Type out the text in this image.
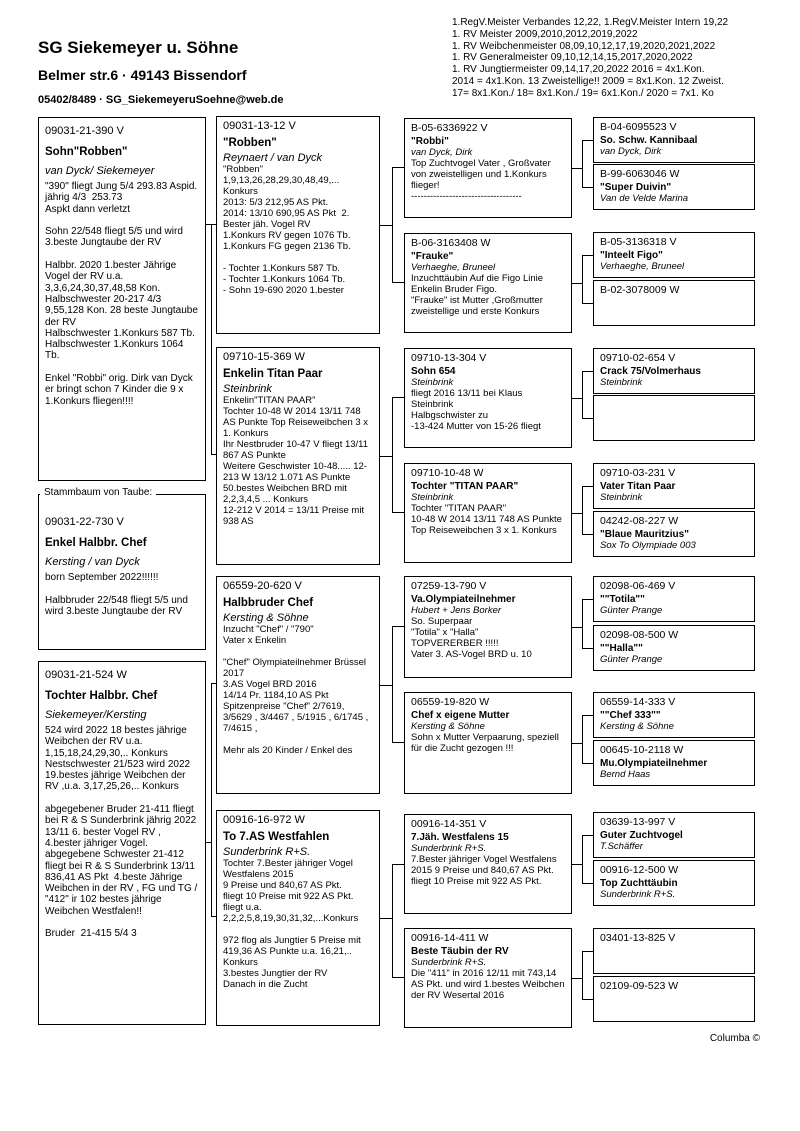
SG Siekemeyer u. Söhne
Belmer str.6 · 49143 Bissendorf
05402/8489 · SG_SiekemeyeruSoehne@web.de
1.RegV.Meister Verbandes 12,22, 1.RegV.Meister Intern 19,22
1. RV Meister 2009,2010,2012,2019,2022
1. RV Weibchenmeister 08,09,10,12,17,19,2020,2021,2022
1. RV Generalmeister 09,10,12,14,15,2017,2020,2022
1. RV Jungtiermeister 09,14,17,20,2022 2016 = 4x1.Kon.
2014 = 4x1.Kon. 13 Zweistellige!! 2009 = 8x1.Kon. 12 Zweist.
17= 8x1.Kon./ 18= 8x1.Kon./ 19= 6x1.Kon./ 2020 = 7x1. Ko
09031-21-390 V
Sohn"Robben"
van Dyck/ Siekemeyer
"390" fliegt Jung 5/4 293.83 Aspid.
jährig 4/3  253.73
Aspkt dann verletzt

Sohn 22/548 fliegt 5/5 und wird 3.beste Jungtaube der RV

Halbbr. 2020 1.bester Jährige Vogel der RV u.a. 3,3,6,24,30,37,48,58 Kon.
Halbschwester 20-217 4/3 9,55,128 Kon. 28 beste Jungtaube der RV
Halbschwester 1.Konkurs 587 Tb.
Halbschwester 1.Konkurs 1064 Tb.

Enkel "Robbi" orig. Dirk van Dyck er bringt schon 7 Kinder die 9 x 1.Konkurs fliegen!!!!
09031-22-730 V
Enkel Halbbr. Chef
Kersting / van Dyck
born September 2022!!!!!!

Halbbruder 22/548 fliegt 5/5 und wird 3.beste Jungtaube der RV
Stammbaum von Taube:
09031-21-524 W
Tochter Halbbr. Chef
Siekemeyer/Kersting
524 wird 2022 18 bestes jährige Weibchen der RV u.a. 1,15,18,24,29,30,.. Konkurs
Nestschwester 21/523 wird 2022 19.bestes jährige Weibchen der RV ,u.a. 3,17,25,26,.. Konkurs

abgegebener Bruder 21-411 fliegt bei R & S Sunderbrink jährig 2022 13/11 6. bester Vogel RV , 4.bester jähriger Vogel.
abgegebene Schwester 21-412 fliegt bei R & S Sunderbrink 13/11 836,41 AS Pkt  4.beste Jährige Weibchen in der RV , FG und TG /
"412" ir 102 bestes jährige Weibchen Westfalen!!

Bruder  21-415 5/4 3
09031-13-12 V
"Robben"
Reynaert / van Dyck
"Robben"
1,9,13,26,28,29,30,48,49,... Konkurs
2013: 5/3 212,95 AS Pkt.
2014: 13/10 690,95 AS Pkt  2. Bester jäh. Vogel RV
1.Konkurs RV gegen 1076 Tb.
1.Konkurs FG gegen 2136 Tb.

- Tochter 1.Konkurs 587 Tb.
- Tochter 1.Konkurs 1064 Tb.
- Sohn 19-690 2020 1.bester
09710-15-369 W
Enkelin Titan Paar
Steinbrink
Enkelin"TITAN PAAR"
Tochter 10-48 W 2014 13/11 748 AS Punkte Top Reiseweibchen 3 x 1. Konkurs
Ihr Nestbruder 10-47 V fliegt 13/11 867 AS Punkte
Weitere Geschwister 10-48..... 12-213 W 13/12 1.071 AS Punkte 50.bestes Weibchen BRD mit 2,2,3,4,5 ... Konkurs
12-212 V 2014 = 13/11 Preise mit 938 AS
06559-20-620 V
Halbbruder Chef
Kersting & Söhne
Inzucht "Chef" / "790"
Vater x Enkelin

"Chef" Olympiateilnehmer Brüssel 2017
3.AS Vogel BRD 2016
14/14 Pr. 1184,10 AS Pkt
Spitzenpreise "Chef" 2/7619, 3/5629 , 3/4467 , 5/1915 , 6/1745 , 7/4615 ,

Mehr als 20 Kinder / Enkel des
00916-16-972 W
To 7.AS Westfahlen
Sunderbrink R+S.
Tochter 7.Bester jähriger Vogel Westfalens 2015
9 Preise und 840,67 AS Pkt.
fliegt 10 Preise mit 922 AS Pkt.
fliegt u.a. 2,2,2,5,8,19,30,31,32,...Konkurs

972 flog als Jungtier 5 Preise mit 419,36 AS Punkte u.a. 16,21,.. Konkurs
3.bestes Jungtier der RV
Danach in die Zucht
B-05-6336922 V
"Robbi"
van Dyck, Dirk
Top Zuchtvogel Vater , Großvater von zweistelligen und 1.Konkurs flieger!
-----------------------------------
B-06-3163408 W
"Frauke"
Verhaeghe, Bruneel
Inzuchttäubin Auf die Figo Linie Enkelin Bruder Figo.
"Frauke" ist Mutter ,Großmutter zweistellige und erste Konkurs
09710-13-304 V
Sohn 654
Steinbrink
fliegt 2016 13/11 bei Klaus Steinbrink
Halbgschwister zu
-13-424 Mutter von 15-26 fliegt
09710-10-48 W
Tochter "TITAN PAAR"
Steinbrink
Tochter "TITAN PAAR"
10-48 W 2014 13/11 748 AS Punkte Top Reiseweibchen 3 x 1. Konkurs
07259-13-790 V
Va.Olympiateilnehmer
Hubert + Jens Borker
So. Superpaar
"Totila" x "Halla"
TOPVERERBER !!!!!
Vater 3. AS-Vogel BRD u. 10
06559-19-820 W
Chef x eigene Mutter
Kersting & Söhne
Sohn x Mutter Verpaarung, speziell für die Zucht gezogen !!!
00916-14-351 V
7.Jäh. Westfalens 15
Sunderbrink R+S.
7.Bester jähriger Vogel Westfalens 2015 9 Preise und 840,67 AS Pkt.
fliegt 10 Preise mit 922 AS Pkt.
00916-14-411 W
Beste Täubin der RV
Sunderbrink R+S.
Die "411" in 2016 12/11 mit 743,14 AS Pkt. und wird 1.bestes Weibchen der RV Wesertal 2016
B-04-6095523 V
So. Schw. Kannibaal
van Dyck, Dirk
B-99-6063046 W
"Super Duivin"
Van de Velde Marina
B-05-3136318 V
"Inteelt Figo"
Verhaeghe, Bruneel
B-02-3078009 W
09710-02-654 V
Crack 75/Volmerhaus
Steinbrink
09710-03-231 V
Vater Titan Paar
Steinbrink
04242-08-227 W
"Blaue Mauritzius"
Sox To Olympiade 003
02098-06-469 V
""Totila""
Günter Prange
02098-08-500 W
""Halla""
Günter Prange
06559-14-333 V
""Chef 333""
Kersting & Söhne
00645-10-2118 W
Mu.Olympiateilnehmer
Bernd Haas
03639-13-997 V
Guter Zuchtvogel
T.Schäffer
00916-12-500 W
Top Zuchttäubin
Sunderbrink R+S.
03401-13-825 V
02109-09-523 W
Columba ©
